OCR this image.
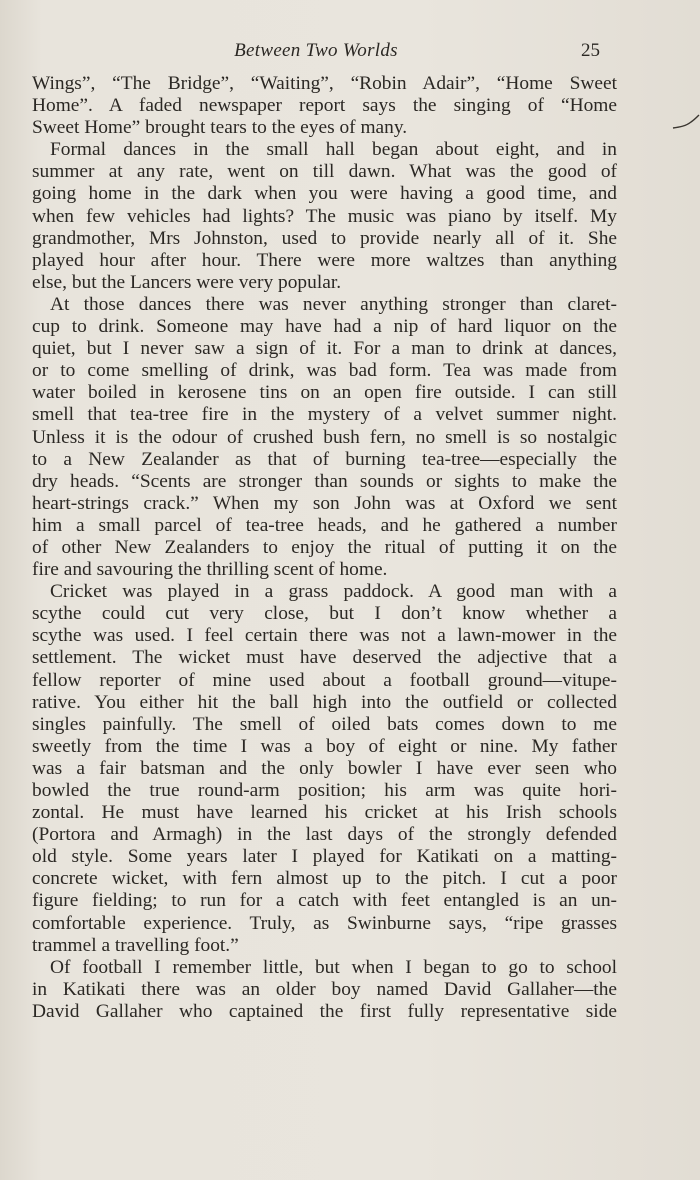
Between Two Worlds	25
Wings”, “The Bridge”, “Waiting”, “Robin Adair”, “Home Sweet
Home”. A faded newspaper report says the singing of “Home
Sweet Home” brought tears to the eyes of many.
Formal dances in the small hall began about eight, and in
summer at any rate, went on till dawn. What was the good of
going home in the dark when you were having a good time, and
when few vehicles had lights? The music was piano by itself. My
grandmother, Mrs Johnston, used to provide nearly all of it. She
played hour after hour. There were more waltzes than anything
else, but the Lancers were very popular.
At those dances there was never anything stronger than claret-
cup to drink. Someone may have had a nip of hard liquor on the
quiet, but I never saw a sign of it. For a man to drink at dances,
or to come smelling of drink, was bad form. Tea was made from
water boiled in kerosene tins on an open fire outside. I can still
smell that tea-tree fire in the mystery of a velvet summer night.
Unless it is the odour of crushed bush fern, no smell is so nostalgic
to a New Zealander as that of burning tea-tree—especially the
dry heads. “Scents are stronger than sounds or sights to make the
heart-strings crack.” When my son John was at Oxford we sent
him a small parcel of tea-tree heads, and he gathered a number
of other New Zealanders to enjoy the ritual of putting it on the
fire and savouring the thrilling scent of home.
Cricket was played in a grass paddock. A good man with a
scythe could cut very close, but I don’t know whether a
scythe was used. I feel certain there was not a lawn-mower in the
settlement. The wicket must have deserved the adjective that a
fellow reporter of mine used about a football ground—vitupe-
rative. You either hit the ball high into the outfield or collected
singles painfully. The smell of oiled bats comes down to me
sweetly from the time I was a boy of eight or nine. My father
was a fair batsman and the only bowler I have ever seen who
bowled the true round-arm position; his arm was quite hori-
zontal. He must have learned his cricket at his Irish schools
(Portora and Armagh) in the last days of the strongly defended
old style. Some years later I played for Katikati on a matting-
concrete wicket, with fern almost up to the pitch. I cut a poor
figure fielding; to run for a catch with feet entangled is an un-
comfortable experience. Truly, as Swinburne says, “ripe grasses
trammel a travelling foot.”
Of football I remember little, but when I began to go to school
in Katikati there was an older boy named David Gallaher—the
David Gallaher who captained the first fully representative side
